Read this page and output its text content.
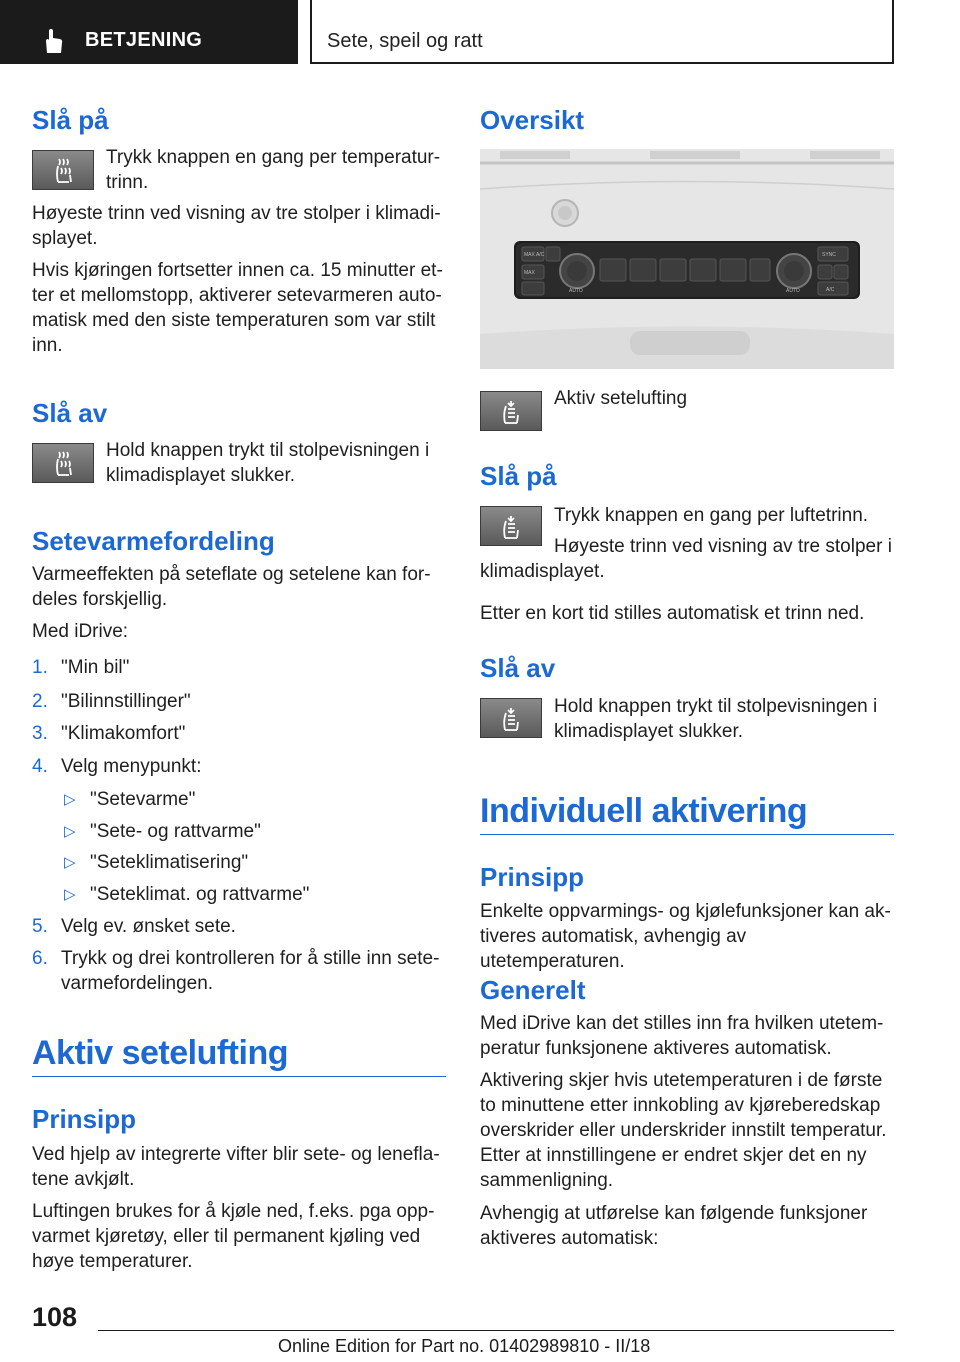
BETJENING	Sete, speil og ratt
Slå på

Trykk knappen en gang per temperatur-
trinn.

Høyeste trinn ved visning av tre stolper i klimadi-
splayet.

Hvis kjøringen fortsetter innen ca. 15 minutter et-
ter et mellomstopp, aktiverer setevarmeren auto-
matisk med den siste temperaturen som var stilt
inn.

Slå av

Hold knappen trykt til stolpevisningen i
klimadisplayet slukker.

Setevarmefordeling

Varmeeffekten på seteflate og setelene kan for-
deles forskjellig.

Med iDrive:

1. "Min bil"
2. "Bilinnstillinger"
3. "Klimakomfort"
4. Velg menypunkt:
▷ "Setevarme"
▷ "Sete- og rattvarme"
▷ "Seteklimatisering"
▷ "Seteklimat. og rattvarme"
5. Velg ev. ønsket sete.
6. Trykk og drei kontrolleren for å stille inn sete-
varmefordelingen.
Aktiv setelufting
Prinsipp

Ved hjelp av integrerte vifter blir sete- og lenefla-
tene avkjølt.

Luftingen brukes for å kjøle ned, f.eks. pga opp-
varmet kjøretøy, eller til permanent kjøling ved
høye temperaturer.

Oversikt
MAX A/C
MAX
AUTO	AUTO
SYNC
A/C

Aktiv setelufting

Slå på

Trykk knappen en gang per luftetrinn.

Høyeste trinn ved visning av tre stolper i

klimadisplayet.

Etter en kort tid stilles automatisk et trinn ned.

Slå av

Hold knappen trykt til stolpevisningen i
klimadisplayet slukker.

Individuell aktivering
Prinsipp

Enkelte oppvarmings- og kjølefunksjoner kan ak-
tiveres automatisk, avhengig av utetemperaturen.

Generelt

Med iDrive kan det stilles inn fra hvilken utetem-
peratur funksjonene aktiveres automatisk.

Aktivering skjer hvis utetemperaturen i de første
to minuttene etter innkobling av kjøreberedskap
overskrider eller underskrider innstilt temperatur.
Etter at innstillingene er endret skjer det en ny
sammenligning.

Avhengig at utførelse kan følgende funksjoner
aktiveres automatisk:

108
Online Edition for Part no. 01402989810 - II/18
